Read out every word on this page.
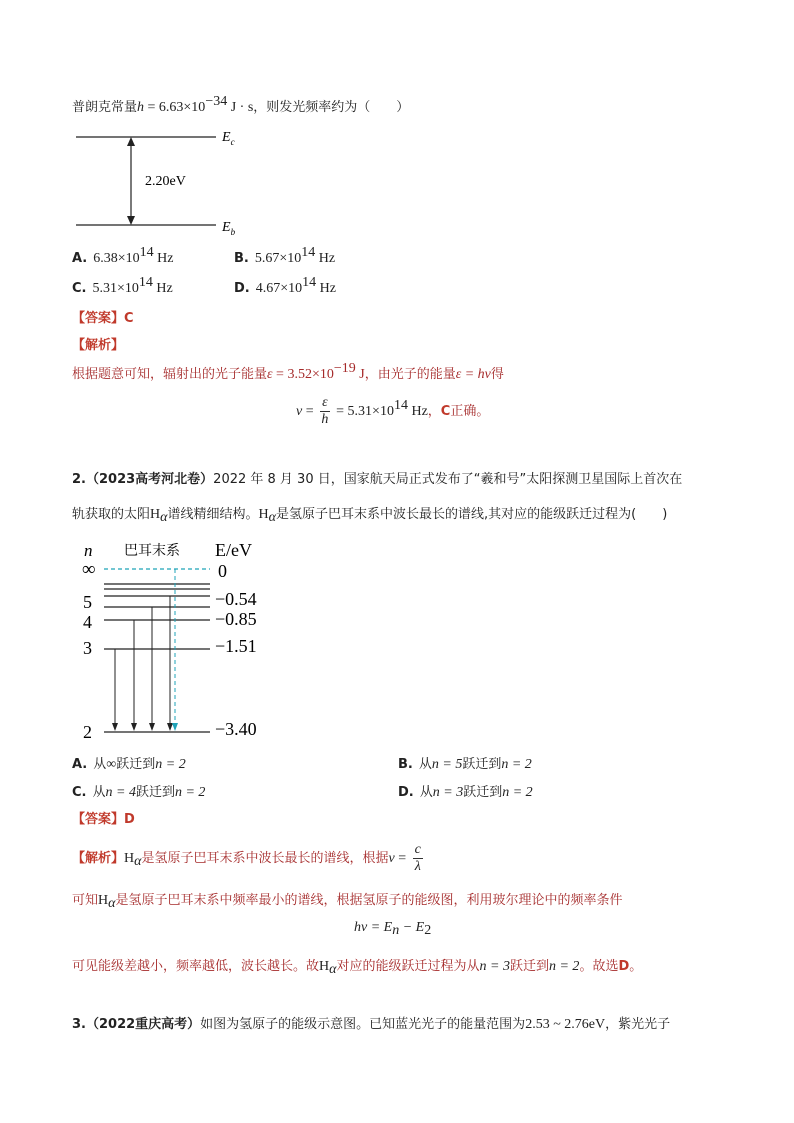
普朗克常量$h = 6.63\times 10^{-34}$ J · s，则发光频率约为（　　）
$E_c$
$E_b$
2.20eV
A. $6.38\times 10^{14}$ Hz	B. $5.67\times 10^{14}$ Hz
C. $5.31\times 10^{14}$ Hz	D. $4.67\times 10^{14}$ Hz
【答案】C
【解析】
根据题意可知，辐射出的光子能量$\varepsilon = 3.52\times 10^{-19}$ J，由光子的能量ε = hν得
$\nu = \frac{\varepsilon}{h} = 5.31\times 10^{14}$ Hz，C正确。
2.（2023高考河北卷）2022 年 8 月 30 日，国家航天局正式发布了“羲和号”太阳探测卫星国际上首次在
轨获取的太阳$H_\alpha$谱线精细结构。$H_\alpha$是氢原子巴耳末系中波长最长的谱线,其对应的能级跃迁过程为(　　)
n 巴耳末系 E/eV
∞
5
4
3
2
0
−0.54
−0.85
−1.51
−3.40
A. 从∞跃迁到n = 2	B. 从n = 5跃迁到n = 2
C. 从n = 4跃迁到n = 2	D. 从n = 3跃迁到n = 2
【答案】D
【解析】$H_\alpha$是氢原子巴耳末系中波长最长的谱线，根据$\nu = \frac{c}{\lambda}$
可知$H_\alpha$是氢原子巴耳末系中频率最小的谱线，根据氢原子的能级图，利用玻尔理论中的频率条件
$h\nu = E_n - E_2$
可见能级差越小，频率越低，波长越长。故$H_\alpha$对应的能级跃迁过程为从n = 3跃迁到n = 2。故选D。
3.（2022重庆高考）如图为氢原子的能级示意图。已知蓝光光子的能量范围为2.53 ~ 2.76eV，紫光光子
